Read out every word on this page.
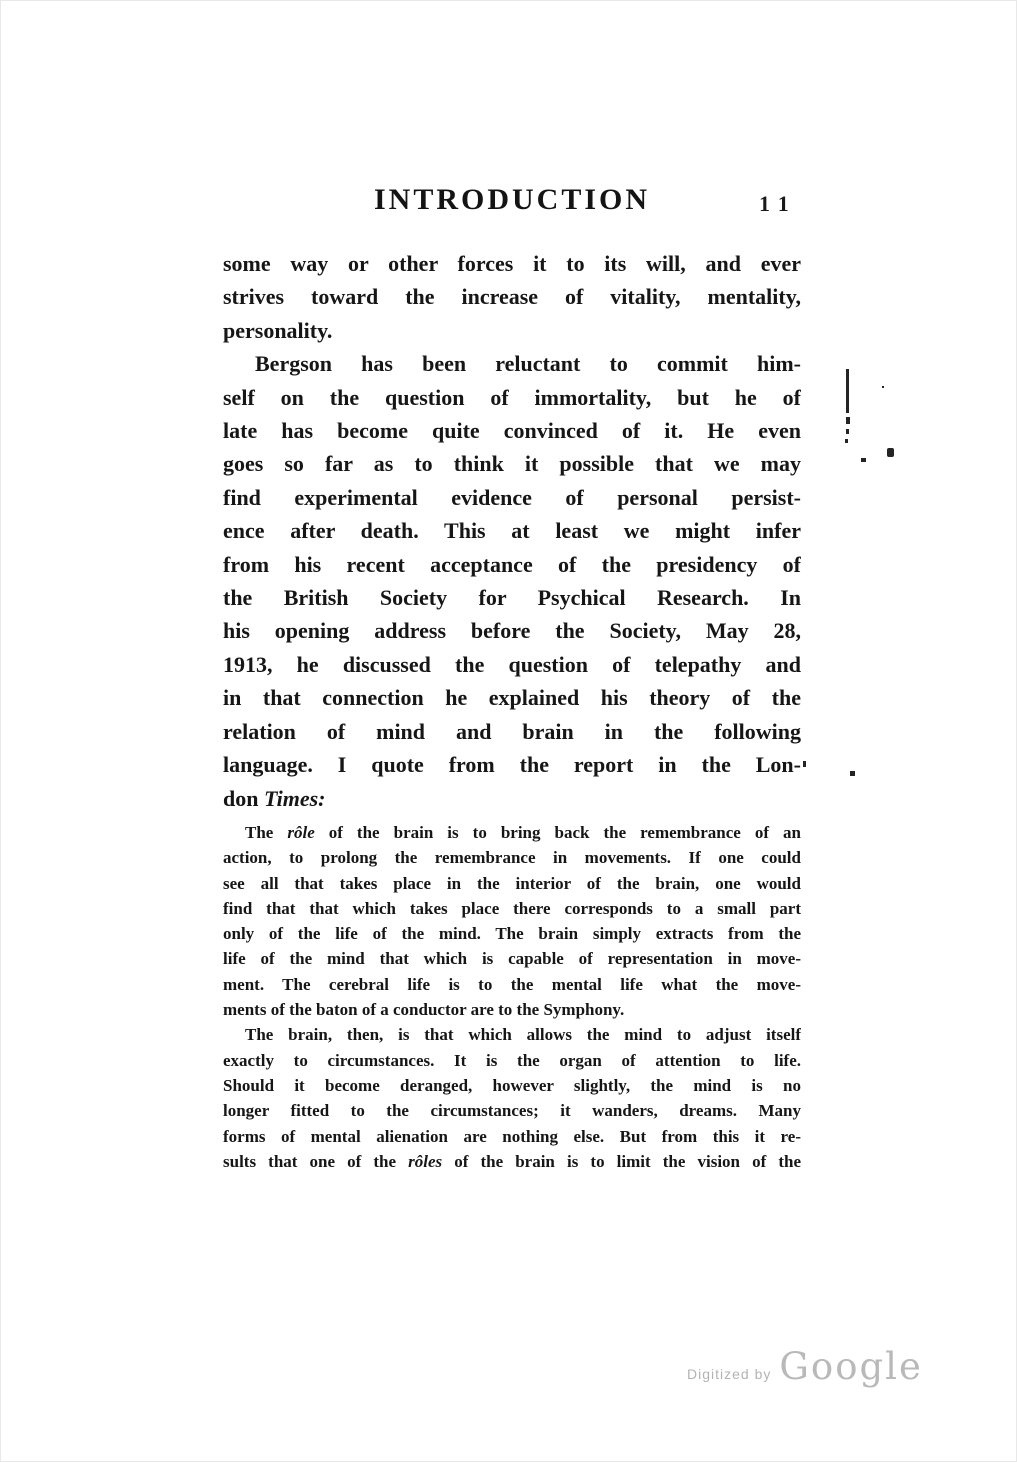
INTRODUCTION	11
some way or other forces it to its will, and ever
strives toward the increase of vitality, mentality,
personality.
Bergson has been reluctant to commit him-
self on the question of immortality, but he of
late has become quite convinced of it. He even
goes so far as to think it possible that we may
find experimental evidence of personal persist-
ence after death. This at least we might infer
from his recent acceptance of the presidency of
the British Society for Psychical Research. In
his opening address before the Society, May 28,
1913, he discussed the question of telepathy and
in that connection he explained his theory of the
relation of mind and brain in the following
language. I quote from the report in the Lon-
don Times:
The rôle of the brain is to bring back the remembrance of an
action, to prolong the remembrance in movements. If one could
see all that takes place in the interior of the brain, one would
find that that which takes place there corresponds to a small part
only of the life of the mind. The brain simply extracts from the
life of the mind that which is capable of representation in move-
ment. The cerebral life is to the mental life what the move-
ments of the baton of a conductor are to the Symphony.
The brain, then, is that which allows the mind to adjust itself
exactly to circumstances. It is the organ of attention to life.
Should it become deranged, however slightly, the mind is no
longer fitted to the circumstances; it wanders, dreams. Many
forms of mental alienation are nothing else. But from this it re-
sults that one of the rôles of the brain is to limit the vision of the
Digitized by Google
